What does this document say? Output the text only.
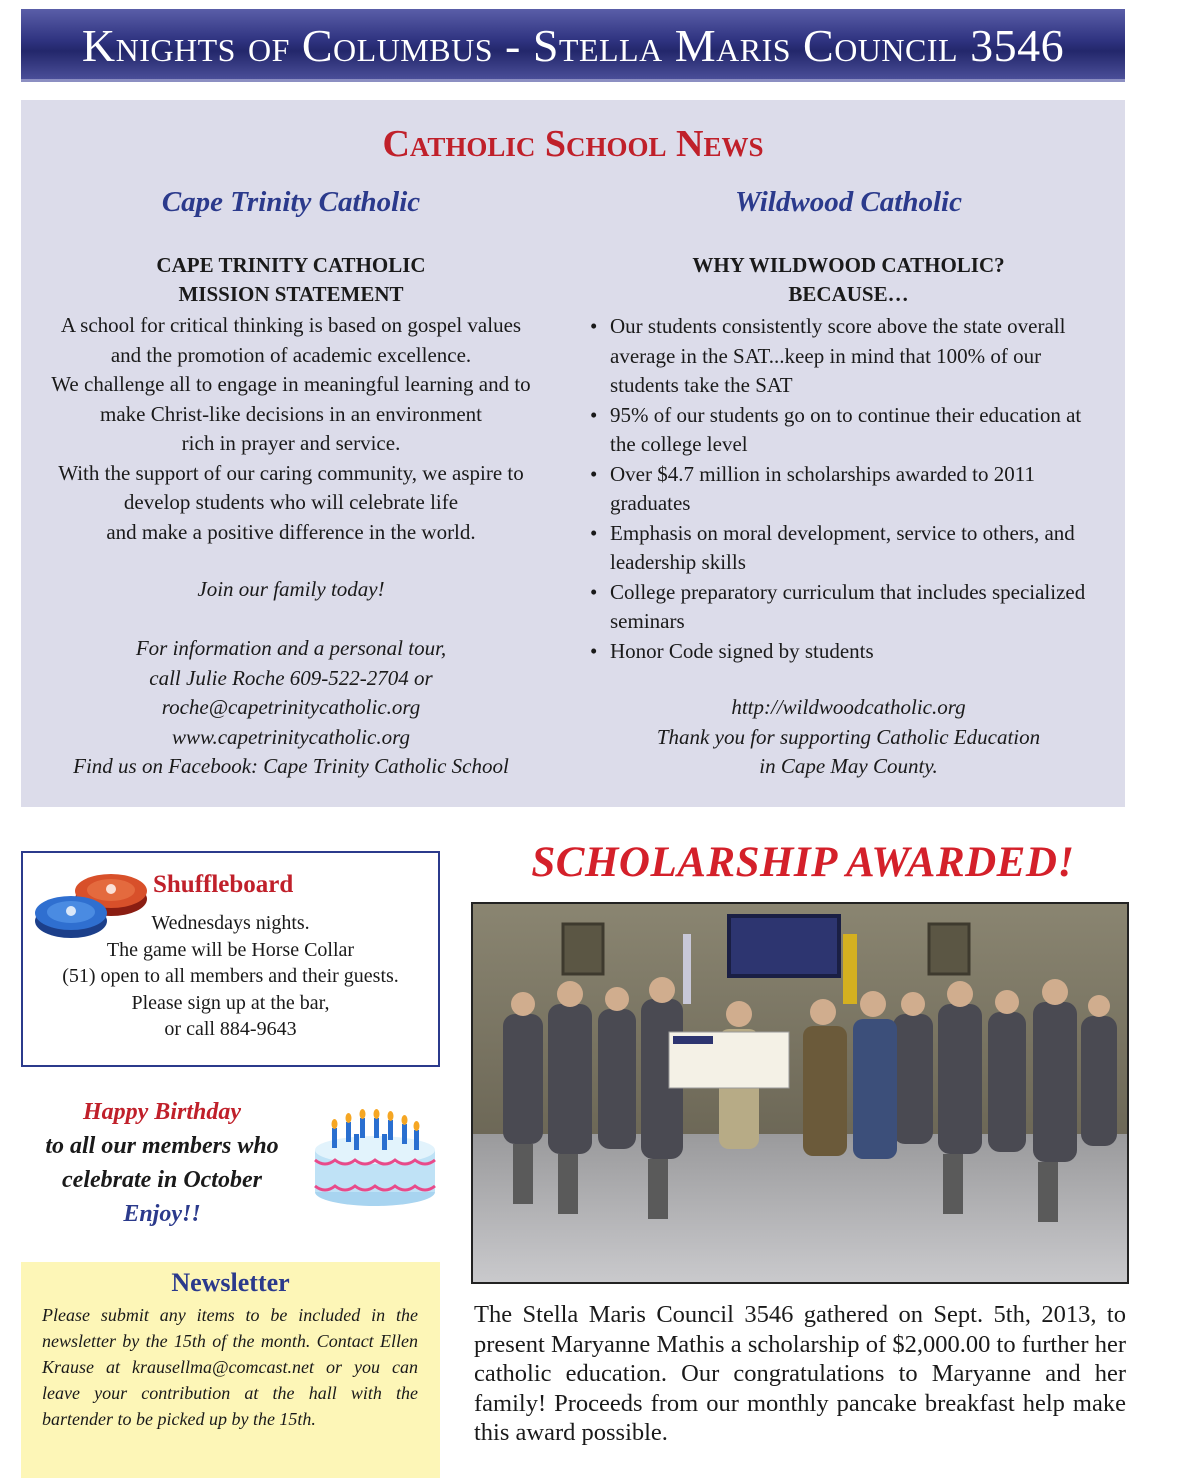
Knights of Columbus - Stella Maris Council 3546
Catholic School News
Cape Trinity Catholic
CAPE TRINITY CATHOLIC
MISSION STATEMENT
A school for critical thinking is based on gospel values
and the promotion of academic excellence.
We challenge all to engage in meaningful learning and to
make Christ-like decisions in an environment
rich in prayer and service.
With the support of our caring community, we aspire to
develop students who will celebrate life
and make a positive difference in the world.
Join our family today!
For information and a personal tour,
call Julie Roche 609-522-2704 or
roche@capetrinitycatholic.org
www.capetrinitycatholic.org
Find us on Facebook: Cape Trinity Catholic School
Wildwood Catholic
WHY WILDWOOD CATHOLIC?
BECAUSE…
• Our students consistently score above the state overall average in the SAT...keep in mind that 100% of our students take the SAT
• 95% of our students go on to continue their education at the college level
• Over $4.7 million in scholarships awarded to 2011 graduates
• Emphasis on moral development, service to others, and leadership skills
• College preparatory curriculum that includes specialized seminars
• Honor Code signed by students
http://wildwoodcatholic.org
Thank you for supporting Catholic Education
in Cape May County.
Shuffleboard
Wednesdays nights.
The game will be Horse Collar
(51) open to all members and their guests.
Please sign up at the bar,
or call 884-9643
Happy Birthday
to all our members who
celebrate in October
Enjoy!!
Newsletter

Please submit any items to be included in the newsletter by the 15th of the month. Contact Ellen Krause at krausellma@comcast.net or you can leave your contribution at the hall with the bartender to be picked up by the 15th.

SCHOLARSHIP AWARDED!

The Stella Maris Council 3546 gathered on Sept. 5th, 2013, to present Maryanne Mathis a scholarship of $2,000.00 to further her catholic education. Our congratulations to Maryanne and her family! Proceeds from our monthly pancake breakfast help make this award possible.
